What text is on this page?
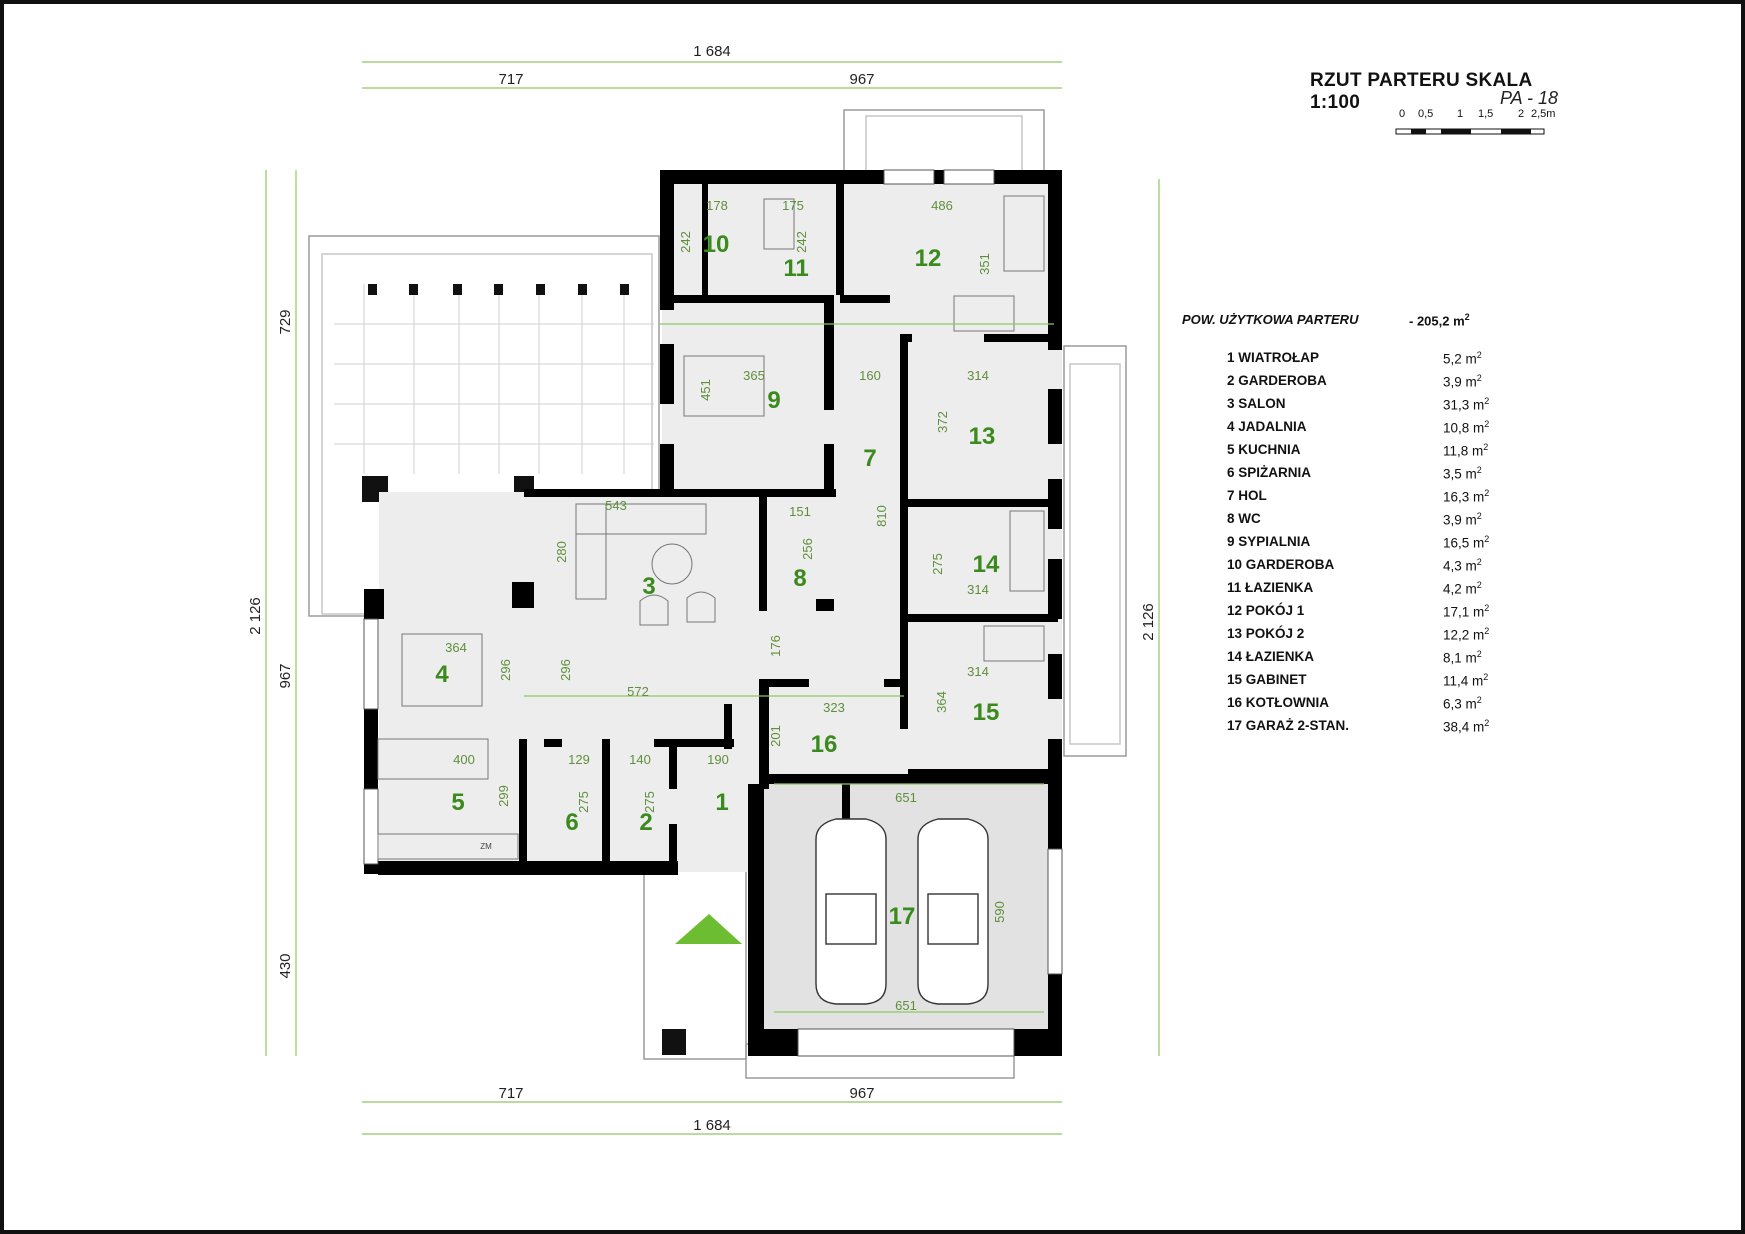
1 684
717	967
717	967
1 684
2 126
729
967
430
2 126
178	175
242	242
486
351
365
451
160	314
372
543
280
151
256
810
275
314
364
314
296	296
572
176
323
201
364
400
299
129
275
140
275
190
651
590
651
ZM
1
2
3
4
5
6
7
8
9
10
11	12
13
14
15
16
17
RZUT PARTERU SKALA 1:100	PA - 18
0 0,5 1 1,5 2 2,5m
POW. UŻYTKOWA PARTERU	- 205,2 $m^2$
1 WIATROŁAP	5,2 $m^2$
2 GARDEROBA	3,9 $m^2$
3 SALON	31,3 $m^2$
4 JADALNIA	10,8 $m^2$
5 KUCHNIA	11,8 $m^2$
6 SPIŻARNIA	3,5 $m^2$
7 HOL	16,3 $m^2$
8 WC	3,9 $m^2$
9 SYPIALNIA	16,5 $m^2$
10 GARDEROBA	4,3 $m^2$
11 ŁAZIENKA	4,2 $m^2$
12 POKÓJ 1	17,1 $m^2$
13 POKÓJ 2	12,2 $m^2$
14 ŁAZIENKA	8,1 $m^2$
15 GABINET	11,4 $m^2$
16 KOTŁOWNIA	6,3 $m^2$
17 GARAŻ 2-STAN.	38,4 $m^2$
